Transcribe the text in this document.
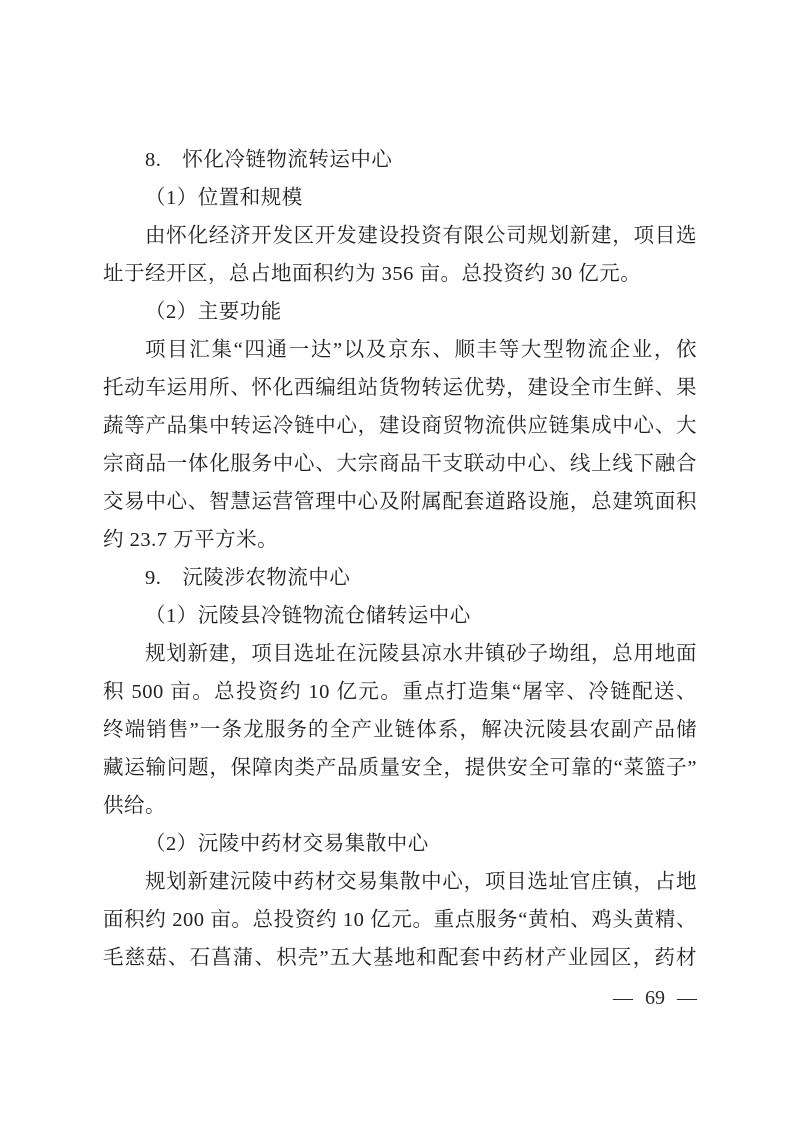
8.　怀化冷链物流转运中心
（1）位置和规模
由怀化经济开发区开发建设投资有限公司规划新建，项目选
址于经开区，总占地面积约为 356 亩。总投资约 30 亿元。
（2）主要功能
项目汇集“四通一达”以及京东、顺丰等大型物流企业，依
托动车运用所、怀化西编组站货物转运优势，建设全市生鲜、果
蔬等产品集中转运冷链中心，建设商贸物流供应链集成中心、大
宗商品一体化服务中心、大宗商品干支联动中心、线上线下融合
交易中心、智慧运营管理中心及附属配套道路设施，总建筑面积
约 23.7 万平方米。
9.　沅陵涉农物流中心
（1）沅陵县冷链物流仓储转运中心
规划新建，项目选址在沅陵县凉水井镇砂子坳组，总用地面
积 500 亩。总投资约 10 亿元。重点打造集“屠宰、冷链配送、
终端销售”一条龙服务的全产业链体系，解决沅陵县农副产品储
藏运输问题，保障肉类产品质量安全，提供安全可靠的“菜篮子”
供给。
（2）沅陵中药材交易集散中心
规划新建沅陵中药材交易集散中心，项目选址官庄镇，占地
面积约 200 亩。总投资约 10 亿元。重点服务“黄柏、鸡头黄精、
毛慈菇、石菖蒲、枳壳”五大基地和配套中药材产业园区，药材
— 69 —
